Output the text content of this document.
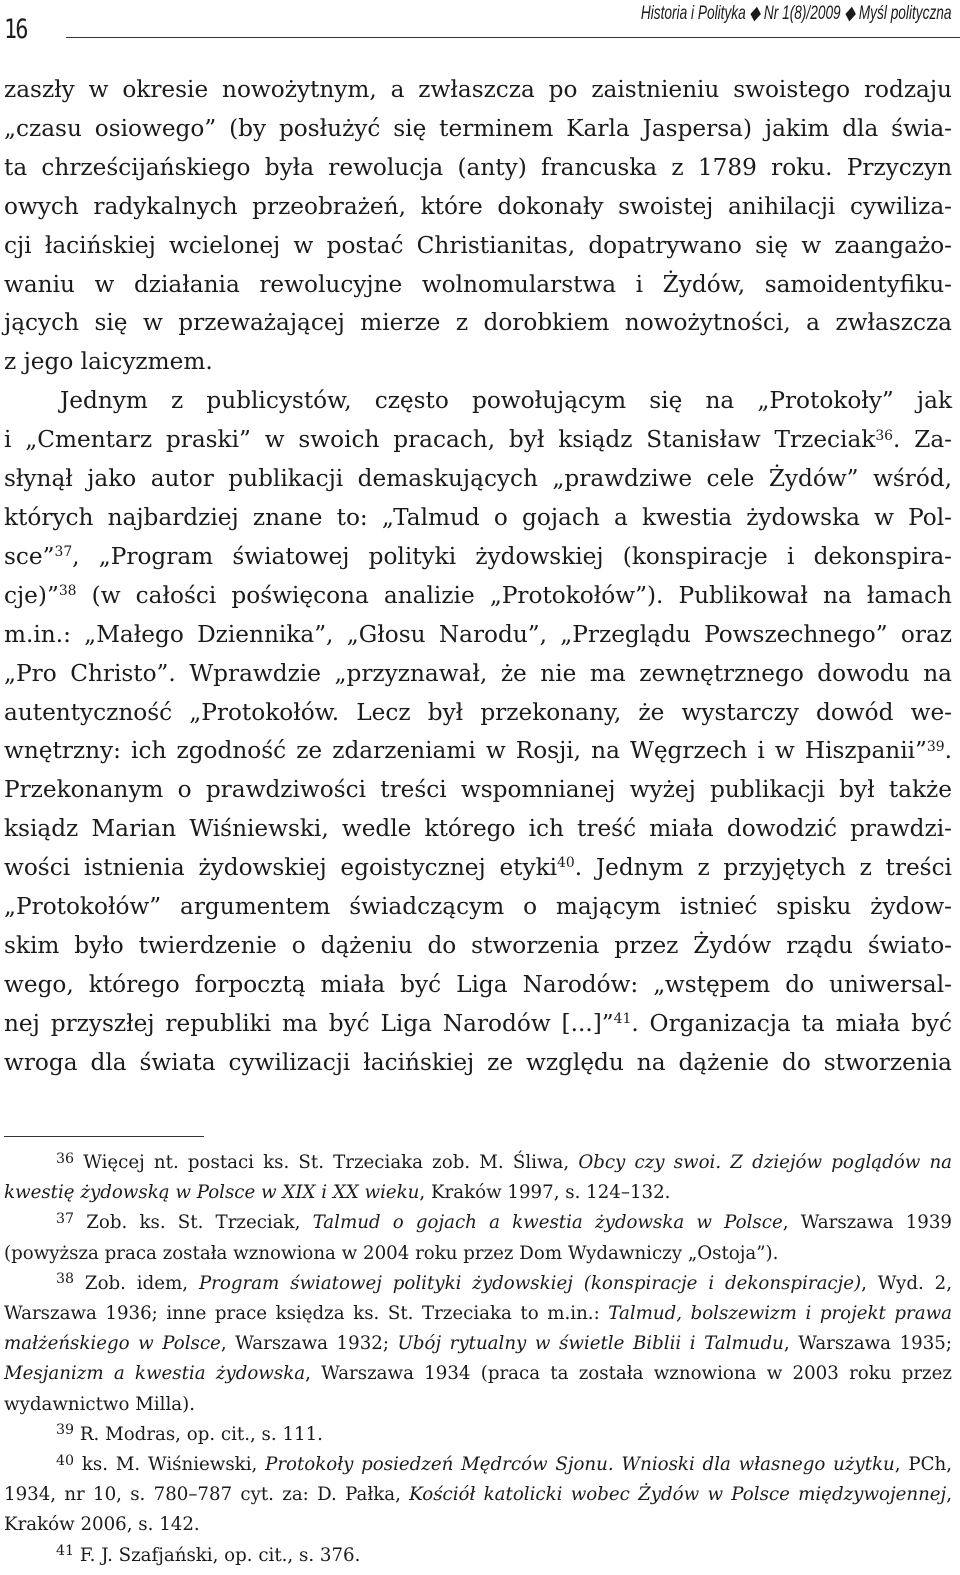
16
Historia i Polityka ◆ Nr 1(8)/2009 ◆ Myśl polityczna

zaszły w okresie nowożytnym, a zwłaszcza po zaistnieniu swoistego rodzaju

„czasu osiowego” (by posłużyć się terminem Karla Jaspersa) jakim dla świa-

ta chrześcijańskiego była rewolucja (anty) francuska z 1789 roku. Przyczyn

owych radykalnych przeobrażeń, które dokonały swoistej anihilacji cywiliza-

cji łacińskiej wcielonej w postać Christianitas, dopatrywano się w zaangażo-

waniu w działania rewolucyjne wolnomularstwa i Żydów, samoidentyfiku-

jących się w przeważającej mierze z dorobkiem nowożytności, a zwłaszcza

z jego laicyzmem.

Jednym z publicystów, często powołującym się na „Protokoły” jak

i „Cmentarz praski” w swoich pracach, był ksiądz Stanisław Trzeciak$^{36}$. Za-

słynął jako autor publikacji demaskujących „prawdziwe cele Żydów” wśród,

których najbardziej znane to: „Talmud o gojach a kwestia żydowska w Pol-

sce”$^{37}$, „Program światowej polityki żydowskiej (konspiracje i dekonspira-

cje)”$^{38}$ (w całości poświęcona analizie „Protokołów”). Publikował na łamach

m.in.: „Małego Dziennika”, „Głosu Narodu”, „Przeglądu Powszechnego” oraz

„Pro Christo”. Wprawdzie „przyznawał, że nie ma zewnętrznego dowodu na

autentyczność „Protokołów. Lecz był przekonany, że wystarczy dowód we-

wnętrzny: ich zgodność ze zdarzeniami w Rosji, na Węgrzech i w Hiszpanii”$^{39}$.

Przekonanym o prawdziwości treści wspomnianej wyżej publikacji był także

ksiądz Marian Wiśniewski, wedle którego ich treść miała dowodzić prawdzi-

wości istnienia żydowskiej egoistycznej etyki$^{40}$. Jednym z przyjętych z treści

„Protokołów” argumentem świadczącym o mającym istnieć spisku żydow-

skim było twierdzenie o dążeniu do stworzenia przez Żydów rządu światо-

wego, którego forpocztą miała być Liga Narodów: „wstępem do uniwersal-

nej przyszłej republiki ma być Liga Narodów [...]”$^{41}$. Organizacja ta miała być

wroga dla świata cywilizacji łacińskiej ze względu na dążenie do stworzenia

$^{36}$ Więcej nt. postaci ks. St. Trzeciaka zob. M. Śliwa, Obcy czy swoi. Z dziejów poglądów na kwestię żydowską w Polsce w XIX i XX wieku, Kraków 1997, s. 124–132.

$^{37}$ Zob. ks. St. Trzeciak, Talmud o gojach a kwestia żydowska w Polsce, Warszawa 1939 (powyższa praca została wznowiona w 2004 roku przez Dom Wydawniczy „Ostoja”).

$^{38}$ Zob. idem, Program światowej polityki żydowskiej (konspiracje i dekonspiracje), Wyd. 2, Warszawa 1936; inne prace księdza ks. St. Trzeciaka to m.in.: Talmud, bolszewizm i projekt prawa małżeńskiego w Polsce, Warszawa 1932; Ubój rytualny w świetle Biblii i Talmudu, Warszawa 1935; Mesjanizm a kwestia żydowska, Warszawa 1934 (praca ta została wznowiona w 2003 roku przez wydawnictwo Milla).

$^{39}$ R. Modras, op. cit., s. 111.

$^{40}$ ks. M. Wiśniewski, Protokoły posiedzeń Mędrców Sjonu. Wnioski dla własnego użytku, PCh, 1934, nr 10, s. 780–787 cyt. za: D. Pałka, Kościół katolicki wobec Żydów w Polsce międzywojennej, Kraków 2006, s. 142.

$^{41}$ F. J. Szafjański, op. cit., s. 376.
